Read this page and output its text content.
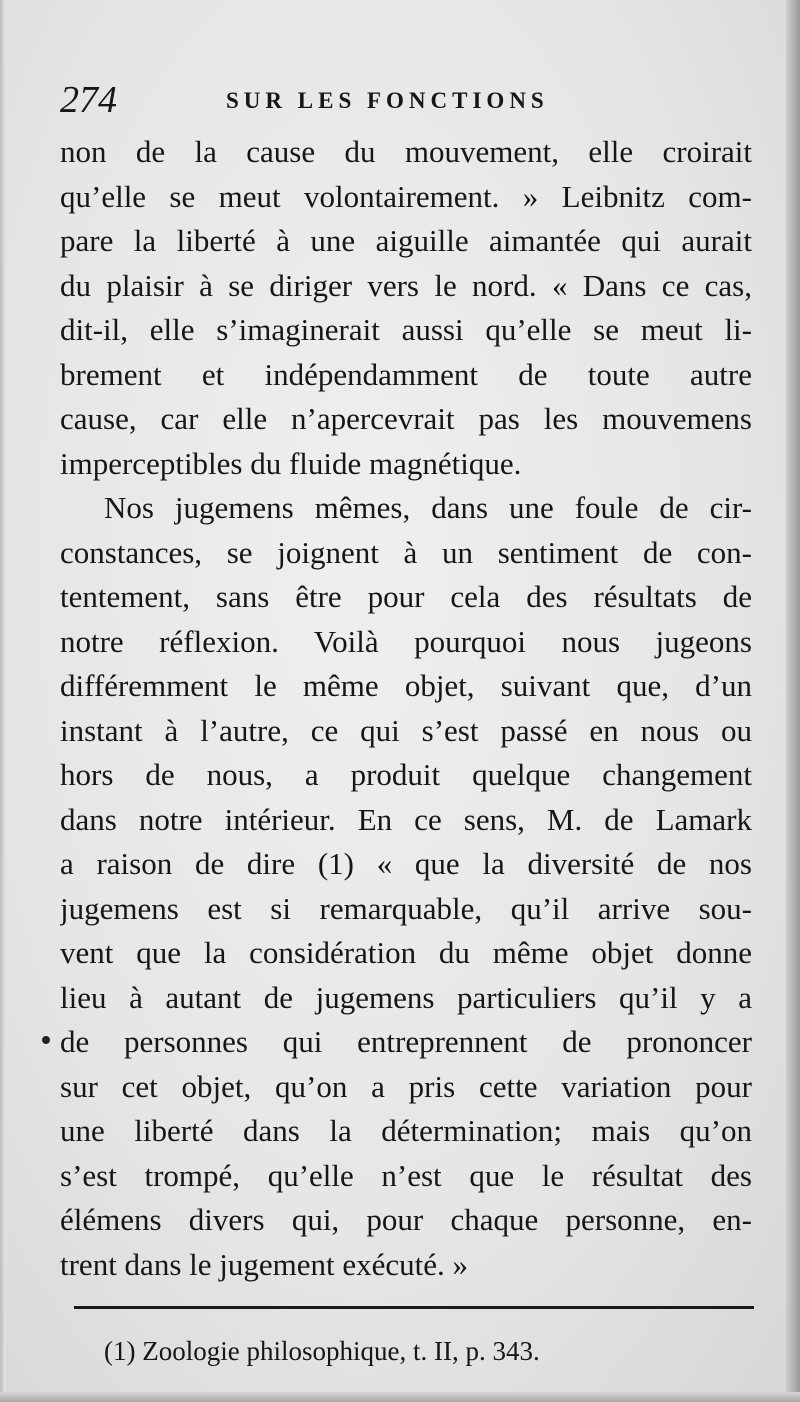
274	SUR LES FONCTIONS
non de la cause du mouvement, elle croirait
qu’elle se meut volontairement. » Leibnitz com-
pare la liberté à une aiguille aimantée qui aurait
du plaisir à se diriger vers le nord. « Dans ce cas,
dit-il, elle s’imaginerait aussi qu’elle se meut li-
brement et indépendamment de toute autre
cause, car elle n’apercevrait pas les mouvemens
imperceptibles du fluide magnétique.
Nos jugemens mêmes, dans une foule de cir-
constances, se joignent à un sentiment de con-
tentement, sans être pour cela des résultats de
notre réflexion. Voilà pourquoi nous jugeons
différemment le même objet, suivant que, d’un
instant à l’autre, ce qui s’est passé en nous ou
hors de nous, a produit quelque changement
dans notre intérieur. En ce sens, M. de Lamark
a raison de dire (1) « que la diversité de nos
jugemens est si remarquable, qu’il arrive sou-
vent que la considération du même objet donne
lieu à autant de jugemens particuliers qu’il y a
de personnes qui entreprennent de prononcer
sur cet objet, qu’on a pris cette variation pour
une liberté dans la détermination; mais qu’on
s’est trompé, qu’elle n’est que le résultat des
élémens divers qui, pour chaque personne, en-
trent dans le jugement exécuté. »
(1) Zoologie philosophique, t. II, p. 343.
